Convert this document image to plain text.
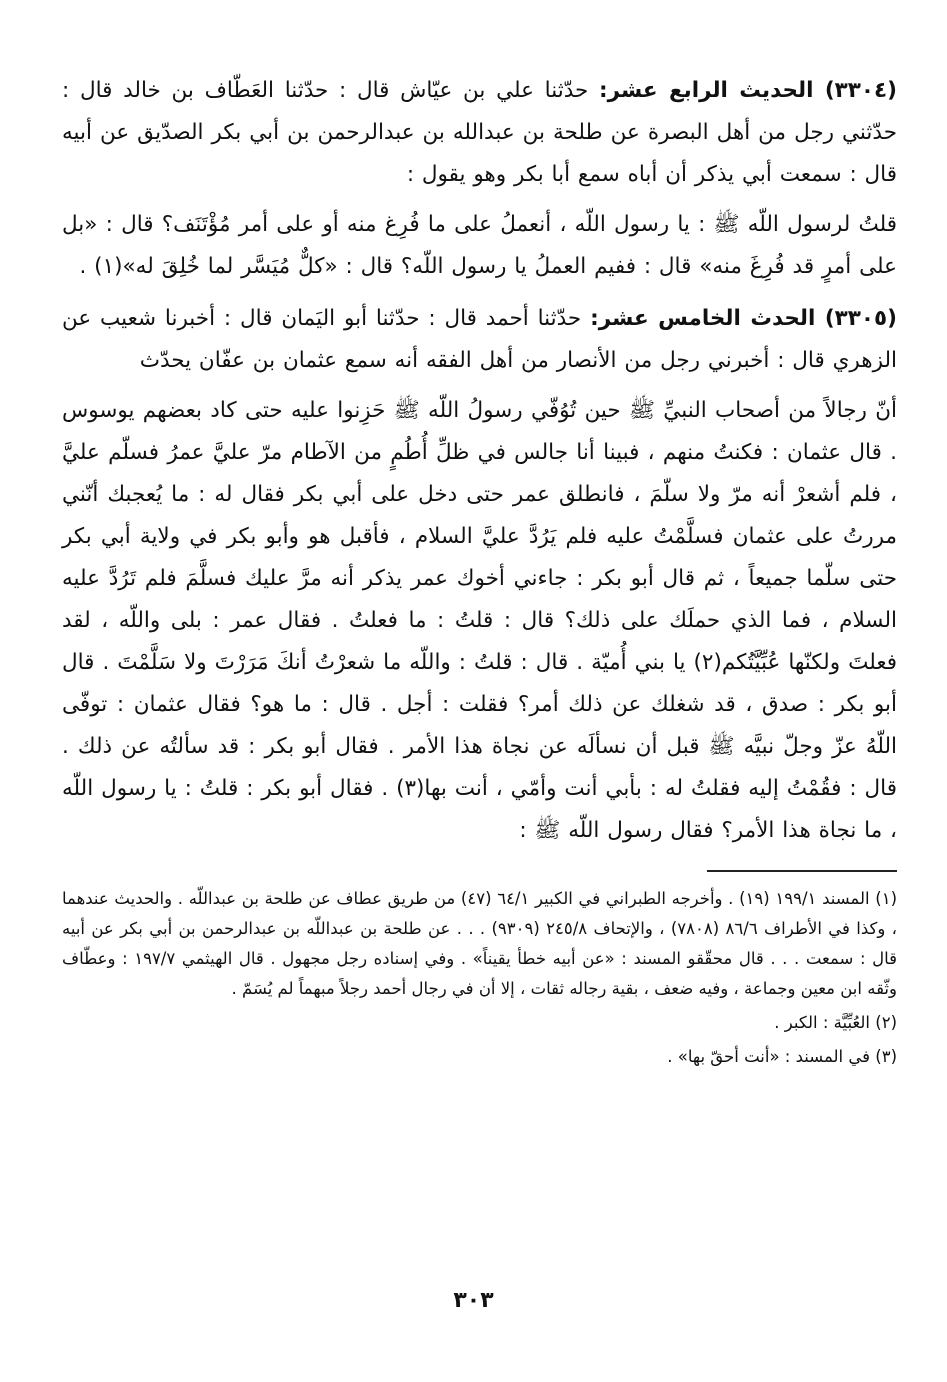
(٣٣٠٤) الحديث الرابع عشر: حدّثنا علي بن عيّاش قال : حدّثنا العَطّاف بن خالد قال : حدّثني رجل من أهل البصرة عن طلحة بن عبدالله بن عبدالرحمن بن أبي بكر الصدّيق عن أبيه قال : سمعت أبي يذكر أن أباه سمع أبا بكر وهو يقول :

قلتُ لرسول اللّه ﷺ : يا رسول اللّه ، أنعملُ على ما فُرِغ منه أو على أمر مُؤْتَنَف؟ قال : «بل على أمرٍ قد فُرِغَ منه» قال : ففيم العملُ يا رسول اللّه؟ قال : «كلٌّ مُيَسَّر لما خُلِقَ له»(١) .

(٣٣٠٥) الحدث الخامس عشر: حدّثنا أحمد قال : حدّثنا أبو اليَمان قال : أخبرنا شعيب عن الزهري قال : أخبرني رجل من الأنصار من أهل الفقه أنه سمع عثمان بن عفّان يحدّث

أنّ رجالاً من أصحاب النبيِّ ﷺ حين تُوُفّي رسولُ اللّه ﷺ حَزِنوا عليه حتى كاد بعضهم يوسوس . قال عثمان : فكنتُ منهم ، فبينا أنا جالس في ظلِّ أُطُمٍ من الآطام مرّ عليَّ عمرُ فسلّم عليَّ ، فلم أشعرْ أنه مرّ ولا سلّمَ ، فانطلق عمر حتى دخل على أبي بكر فقال له : ما يُعجبك أنّني مررتُ على عثمان فسلَّمْتُ عليه فلم يَرُدَّ عليَّ السلام ، فأقبل هو وأبو بكر في ولاية أبي بكر حتى سلّما جميعاً ، ثم قال أبو بكر : جاءني أخوك عمر يذكر أنه مرَّ عليك فسلَّمَ فلم تَرُدَّ عليه السلام ، فما الذي حملَك على ذلك؟ قال : قلتُ : ما فعلتُ . فقال عمر : بلى واللّه ، لقد فعلتَ ولكنّها عُبِّيَّتُكم(٢) يا بني أُميّة . قال : قلتُ : واللّه ما شعرْتُ أنكَ مَرَرْتَ ولا سَلَّمْتَ . قال أبو بكر : صدق ، قد شغلك عن ذلك أمر؟ فقلت : أجل . قال : ما هو؟ فقال عثمان : توفّى اللّهُ عزّ وجلّ نبيَّه ﷺ قبل أن نسألَه عن نجاة هذا الأمر . فقال أبو بكر : قد سألتُه عن ذلك . قال : فقُمْتُ إليه فقلتُ له : بأبي أنت وأمّي ، أنت بها(٣) . فقال أبو بكر : قلتُ : يا رسول اللّه ، ما نجاة هذا الأمر؟ فقال رسول اللّه ﷺ :

(١) المسند ١٩٩/١ (١٩) . وأخرجه الطبراني في الكبير ٦٤/١ (٤٧) من طريق عطاف عن طلحة بن عبداللّه . والحديث عندهما ، وكذا في الأطراف ٨٦/٦ (٧٨٠٨) ، والإتحاف ٢٤٥/٨ (٩٣٠٩) . . . عن طلحة بن عبداللّه بن عبدالرحمن بن أبي بكر عن أبيه قال : سمعت . . . قال محقّقو المسند : «عن أبيه خطأ يقيناً» . وفي إسناده رجل مجهول . قال الهيثمي ١٩٧/٧ : وعطّاف وثّقه ابن معين وجماعة ، وفيه ضعف ، بقية رجاله ثقات ، إلا أن في رجال أحمد رجلاً مبهماً لم يُسَمّ .

(٢) العُبِّيَّة : الكبر .

(٣) في المسند : «أنت أحقّ بها» .

٣٠٣
